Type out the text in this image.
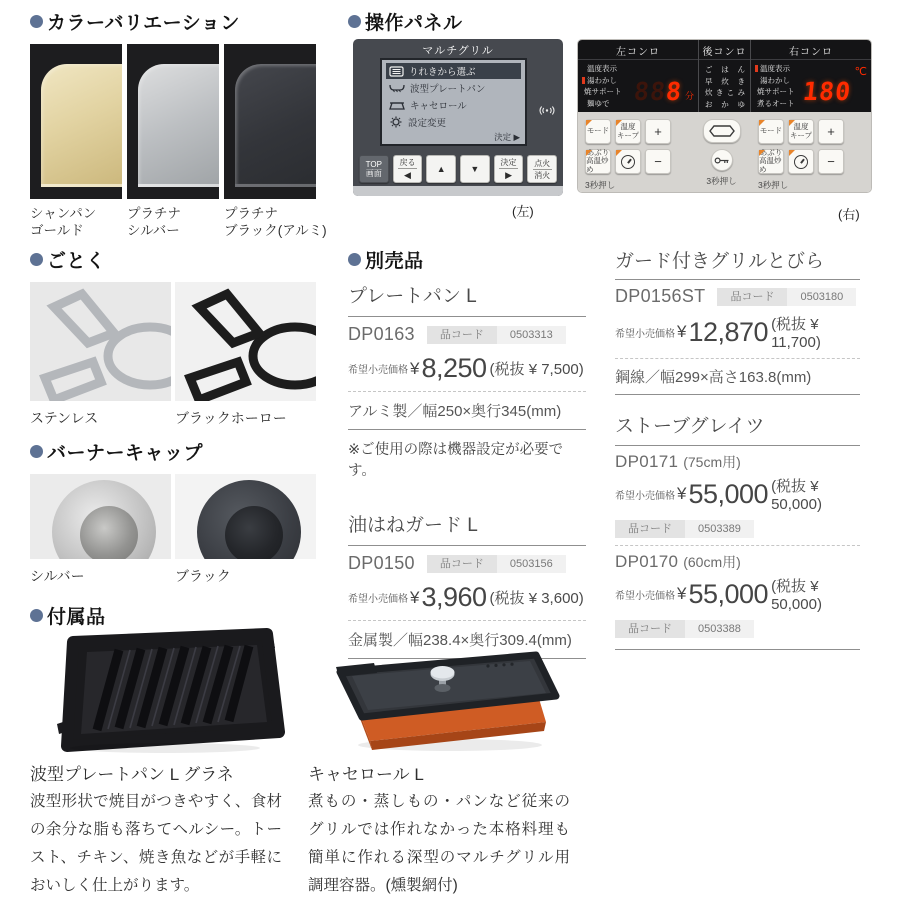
カラーバリエーション
シャンパン
ゴールド
プラチナ
シルバー
プラチナ
ブラック(アルミ)
操作パネル
マルチグリル
りれきから選ぶ
波型プレートパン
キャセロール
設定変更
決定 ▶
TOP
画面
戻る
◀
▲	▼
決定
▶
点火
消火
(左)
左コンロ
温度表示
湯わかし
焼サポート
麺ゆで 88
8 分
後コンロ
ごはん
早炊き
炊きこみ
おかゆ
右コンロ
温度表示
湯わかし
焼サポート
煮るオート 180
℃
モード 温度
キープ +
あぶり
高温炒め
−
3秒押し	3秒押し
モード 温度
キープ +
あぶり
高温炒め
−
3秒押し
(右)
ごとく
ステンレス	ブラックホーロー
バーナーキャップ
シルバー	ブラック
別売品
プレートパン L
DP0163	品コード	0503313
希望小売価格 ¥ 8,250 (税抜 ¥ 7,500)
アルミ製／幅250×奥行345(mm)
※ご使用の際は機器設定が必要です。
油はねガード L
DP0150	品コード	0503156
希望小売価格 ¥ 3,960 (税抜 ¥ 3,600)
金属製／幅238.4×奥行309.4(mm)
ガード付きグリルとびら
DP0156ST	品コード	0503180
希望小売価格 ¥ 12,870 (税抜 ¥ 11,700)
鋼線／幅299×高さ163.8(mm)
ストーブグレイツ
DP0171 (75cm用)
希望小売価格 ¥ 55,000 (税抜 ¥ 50,000)
品コード	0503389
DP0170 (60cm用)
希望小売価格 ¥ 55,000 (税抜 ¥ 50,000)
品コード	0503388
付属品
波型プレートパン L グラネ
波型形状で焼目がつきやすく、食材の余分な脂も落ちてヘルシー。トースト、チキン、焼き魚などが手軽においしく仕上がります。
キャセロール L
煮もの・蒸しもの・パンなど従来のグリルでは作れなかった本格料理も簡単に作れる深型のマルチグリル用調理容器。(燻製網付)
